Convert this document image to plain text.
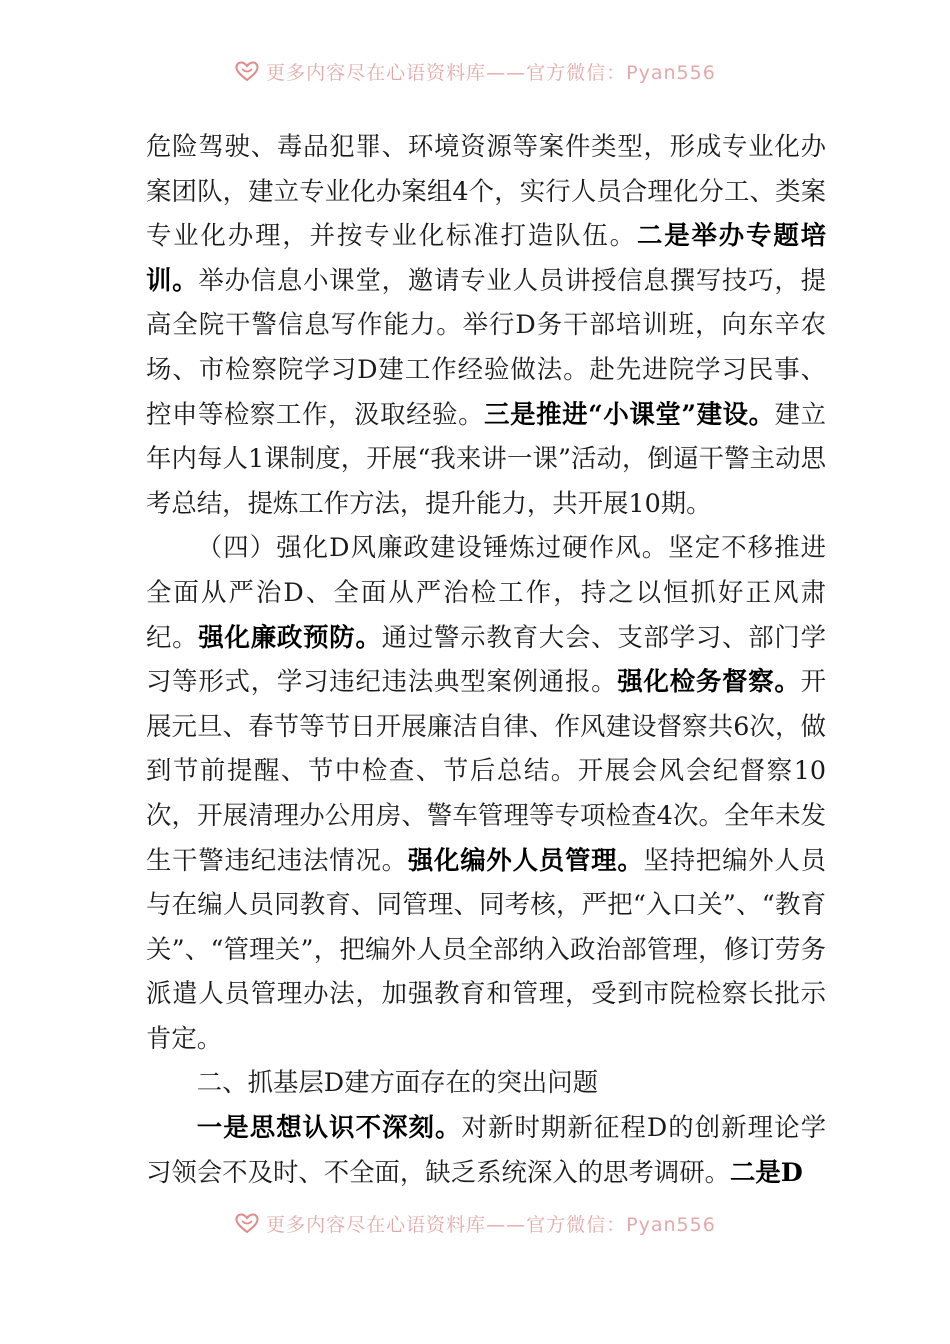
更多内容尽在心语资料库——官方微信：Pyan556

危险驾驶、毒品犯罪、环境资源等案件类型，形成专业化办案团队，建立专业化办案组4个，实行人员合理化分工、类案专业化办理，并按专业化标准打造队伍。二是举办专题培训。举办信息小课堂，邀请专业人员讲授信息撰写技巧，提高全院干警信息写作能力。举行D务干部培训班，向东辛农场、市检察院学习D建工作经验做法。赴先进院学习民事、控申等检察工作，汲取经验。三是推进“小课堂”建设。建立年内每人1课制度，开展“我来讲一课”活动，倒逼干警主动思考总结，提炼工作方法，提升能力，共开展10期。

（四）强化D风廉政建设锤炼过硬作风。坚定不移推进全面从严治D、全面从严治检工作，持之以恒抓好正风肃纪。强化廉政预防。通过警示教育大会、支部学习、部门学习等形式，学习违纪违法典型案例通报。强化检务督察。开展元旦、春节等节日开展廉洁自律、作风建设督察共6次，做到节前提醒、节中检查、节后总结。开展会风会纪督察10次，开展清理办公用房、警车管理等专项检查4次。全年未发生干警违纪违法情况。强化编外人员管理。坚持把编外人员与在编人员同教育、同管理、同考核，严把“入口关”、“教育关”、“管理关”，把编外人员全部纳入政治部管理，修订劳务派遣人员管理办法，加强教育和管理，受到市院检察长批示肯定。

二、抓基层D建方面存在的突出问题

一是思想认识不深刻。对新时期新征程D的创新理论学习领会不及时、不全面，缺乏系统深入的思考调研。二是D

更多内容尽在心语资料库——官方微信：Pyan556
